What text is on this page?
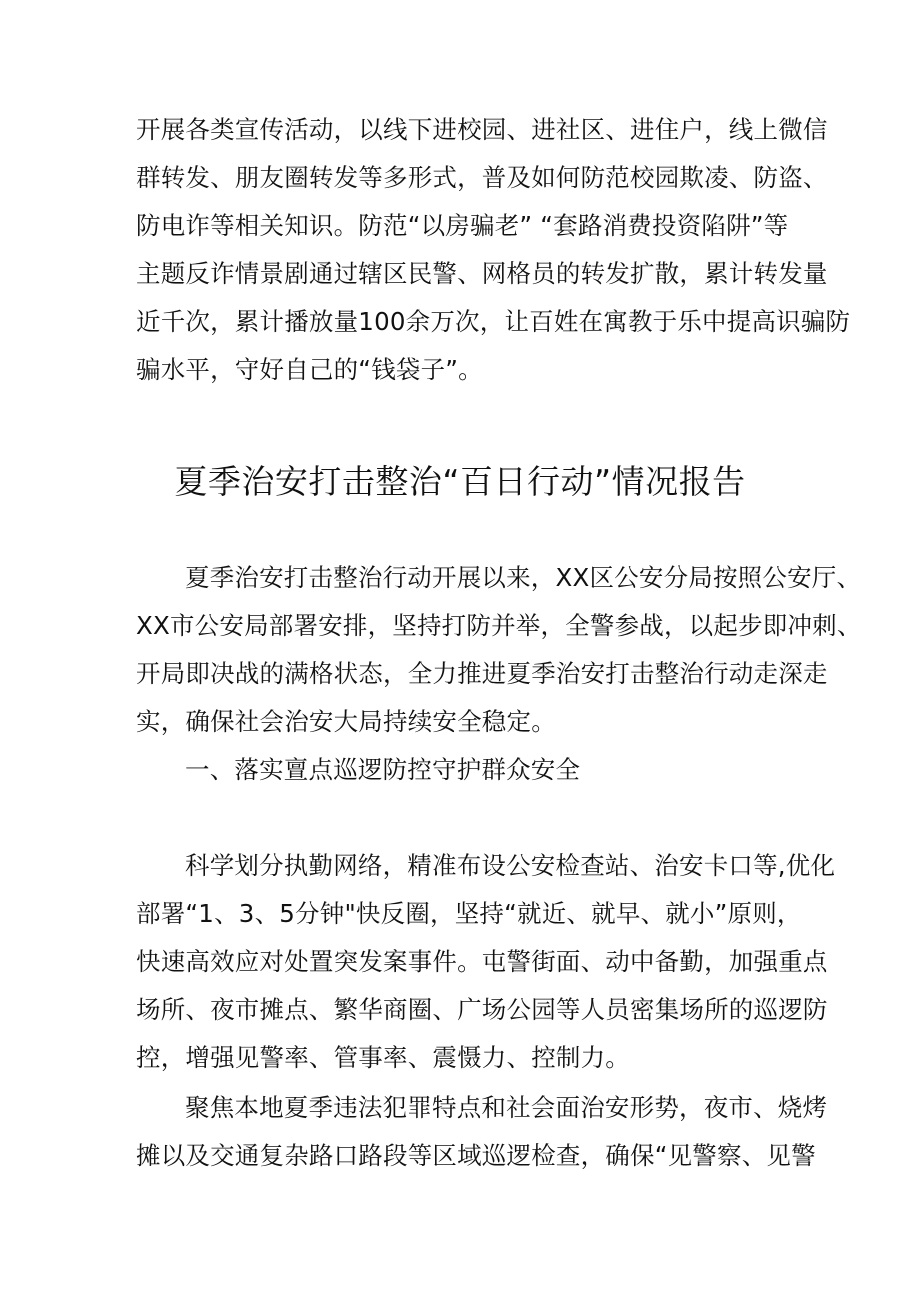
开展各类宣传活动，以线下进校园、进社区、进住户，线上微信
群转发、朋友圈转发等多形式，普及如何防范校园欺凌、防盗、
防电诈等相关知识。防范“以房骗老” “套路消费投资陷阱”等
主题反诈情景剧通过辖区民警、网格员的转发扩散，累计转发量
近千次，累计播放量100余万次，让百姓在寓教于乐中提高识骗防
骗水平，守好自己的“钱袋子”。
夏季治安打击整治“百日行动”情况报告
夏季治安打击整治行动开展以来，XX区公安分局按照公安厅、
XX市公安局部署安排，坚持打防并举，全警参战，以起步即冲刺、
开局即决战的满格状态，全力推进夏季治安打击整治行动走深走
实，确保社会治安大局持续安全稳定。
一、落实亶点巡逻防控守护群众安全
科学划分执勤网络，精准布设公安检查站、治安卡口等,优化
部署“1、3、5分钟"快反圈，坚持“就近、就早、就小”原则，
快速高效应对处置突发案事件。屯警街面、动中备勤，加强重点
场所、夜市摊点、繁华商圈、广场公园等人员密集场所的巡逻防
控，增强见警率、管事率、震慑力、控制力。
聚焦本地夏季违法犯罪特点和社会面治安形势，夜市、烧烤
摊以及交通复杂路口路段等区域巡逻检查，确保“见警察、见警
